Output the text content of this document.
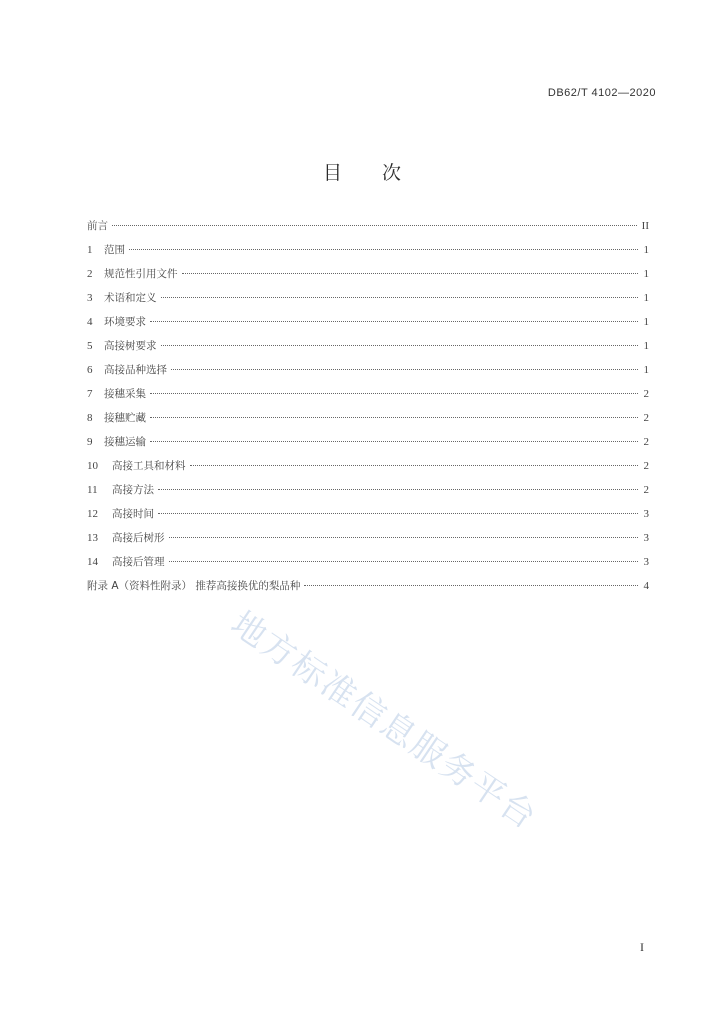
DB62/T 4102—2020
目 次
前言	II
1	范围	1
2	规范性引用文件	1
3	术语和定义	1
4	环境要求	1
5	高接树要求	1
6	高接品种选择	1
7	接穗采集	2
8	接穗贮藏	2
9	接穗运输	2
10	高接工具和材料	2
11	高接方法	2
12	高接时间	3
13	高接后树形	3
14	高接后管理	3
附录 A（资料性附录） 推荐高接换优的梨品种	4
地方标准信息服务平台
I
